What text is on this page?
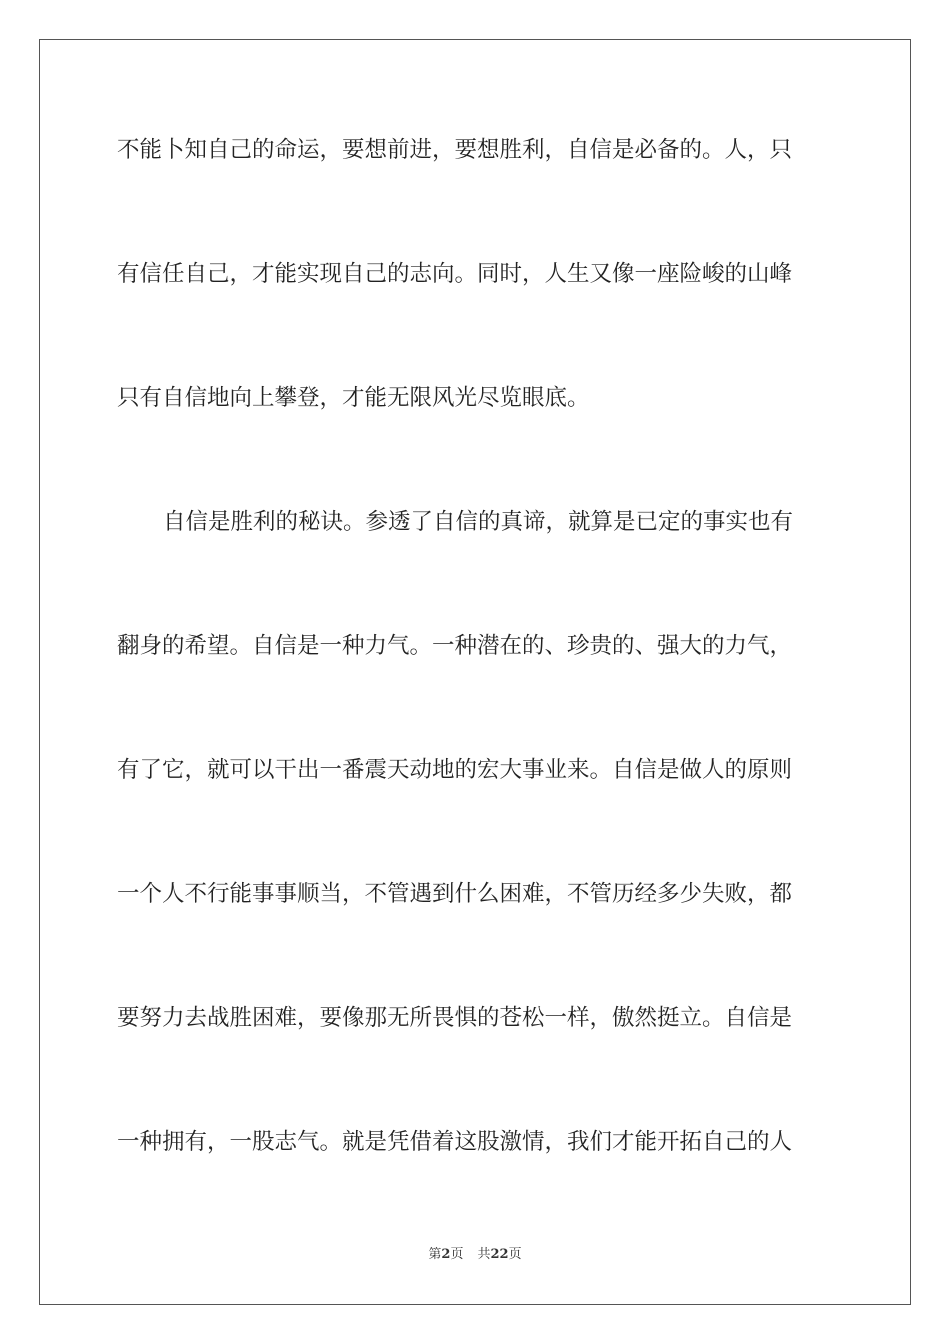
不能卜知自己的命运，要想前进，要想胜利，自信是必备的。人，只
有信任自己，才能实现自己的志向。同时，人生又像一座险峻的山峰
只有自信地向上攀登，才能无限风光尽览眼底。
自信是胜利的秘诀。参透了自信的真谛，就算是已定的事实也有
翻身的希望。自信是一种力气。一种潜在的、珍贵的、强大的力气，
有了它，就可以干出一番震天动地的宏大事业来。自信是做人的原则
一个人不行能事事顺当，不管遇到什么困难，不管历经多少失败，都
要努力去战胜困难，要像那无所畏惧的苍松一样，傲然挺立。自信是
一种拥有，一股志气。就是凭借着这股激情，我们才能开拓自己的人
第2页 共22页
